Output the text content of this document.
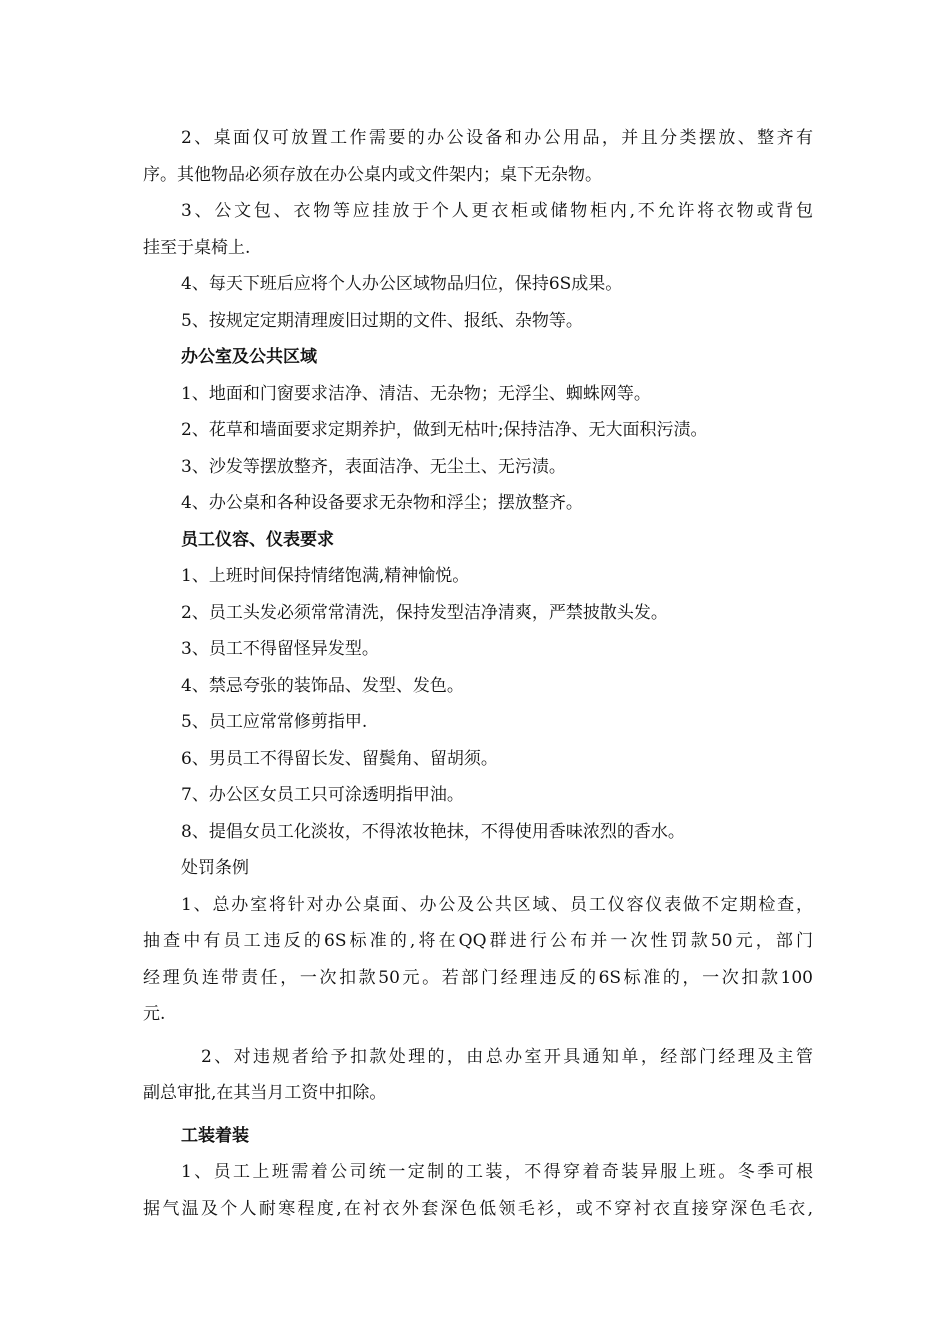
2、桌面仅可放置工作需要的办公设备和办公用品，并且分类摆放、整齐有
序。其他物品必须存放在办公桌内或文件架内；桌下无杂物。
3、公文包、衣物等应挂放于个人更衣柜或储物柜内,不允许将衣物或背包
挂至于桌椅上.
4、每天下班后应将个人办公区域物品归位，保持6S成果。
5、按规定定期清理废旧过期的文件、报纸、杂物等。
办公室及公共区域
1、地面和门窗要求洁净、清洁、无杂物；无浮尘、蜘蛛网等。
2、花草和墙面要求定期养护，做到无枯叶;保持洁净、无大面积污渍。
3、沙发等摆放整齐，表面洁净、无尘土、无污渍。
4、办公桌和各种设备要求无杂物和浮尘；摆放整齐。
员工仪容、仪表要求
1、上班时间保持情绪饱满,精神愉悦。
2、员工头发必须常常清洗，保持发型洁净清爽，严禁披散头发。
3、员工不得留怪异发型。
4、禁忌夸张的装饰品、发型、发色。
5、员工应常常修剪指甲.
6、男员工不得留长发、留鬓角、留胡须。
7、办公区女员工只可涂透明指甲油。
8、提倡女员工化淡妆，不得浓妆艳抹，不得使用香味浓烈的香水。
处罚条例
1、总办室将针对办公桌面、办公及公共区域、员工仪容仪表做不定期检查，
抽查中有员工违反的6S标准的,将在QQ群进行公布并一次性罚款50元，部门
经理负连带责任，一次扣款50元。若部门经理违反的6S标准的，一次扣款100
元.
2、对违规者给予扣款处理的，由总办室开具通知单，经部门经理及主管
副总审批,在其当月工资中扣除。
工装着装
1、员工上班需着公司统一定制的工装，不得穿着奇装异服上班。冬季可根
据气温及个人耐寒程度,在衬衣外套深色低领毛衫，或不穿衬衣直接穿深色毛衣,
